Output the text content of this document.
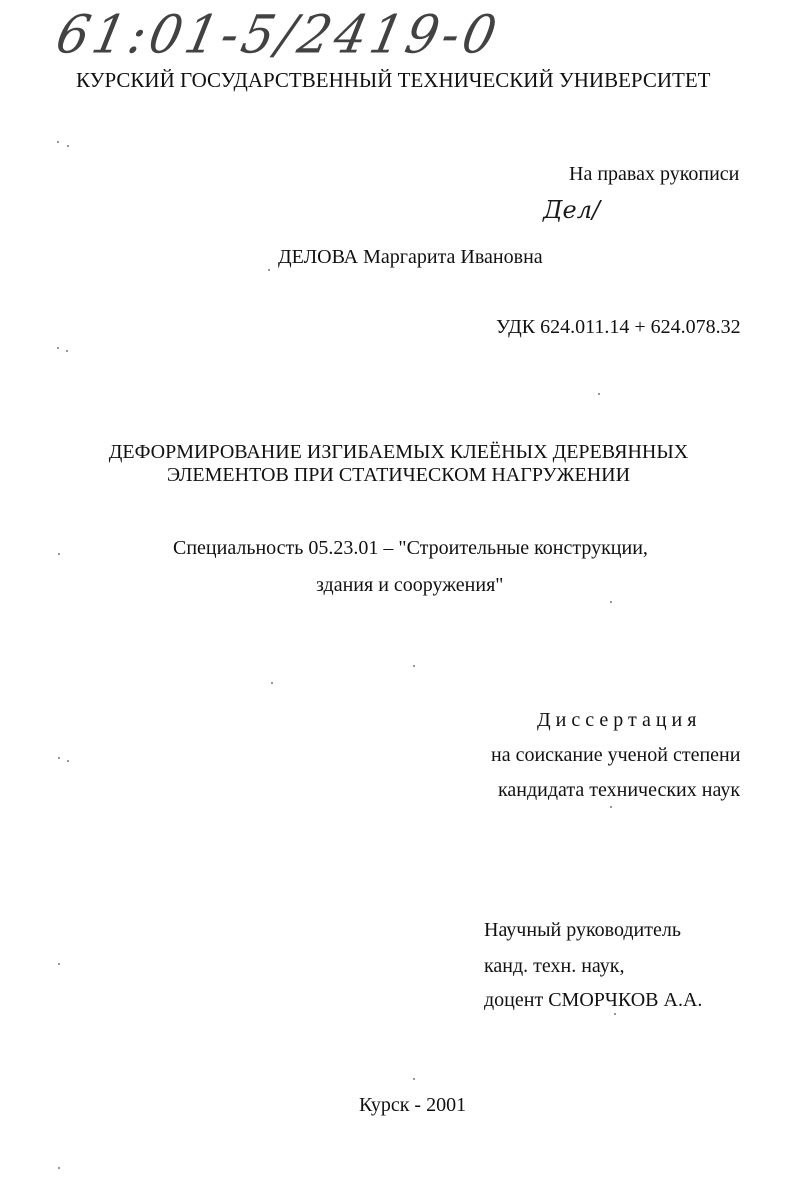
61:01-5/2419-0
КУРСКИЙ ГОСУДАРСТВЕННЫЙ ТЕХНИЧЕСКИЙ УНИВЕРСИТЕТ
На правах рукописи
Дел/
ДЕЛОВА Маргарита Ивановна
УДК 624.011.14 + 624.078.32
ДЕФОРМИРОВАНИЕ ИЗГИБАЕМЫХ КЛЕЁНЫХ ДЕРЕВЯННЫХ
ЭЛЕМЕНТОВ ПРИ СТАТИЧЕСКОМ НАГРУЖЕНИИ
Специальность 05.23.01 – "Строительные конструкции,
здания и сооружения"
Диссертация
на соискание ученой степени
кандидата технических наук
Научный руководитель
канд. техн. наук,
доцент СМОРЧКОВ А.А.
Курск - 2001
